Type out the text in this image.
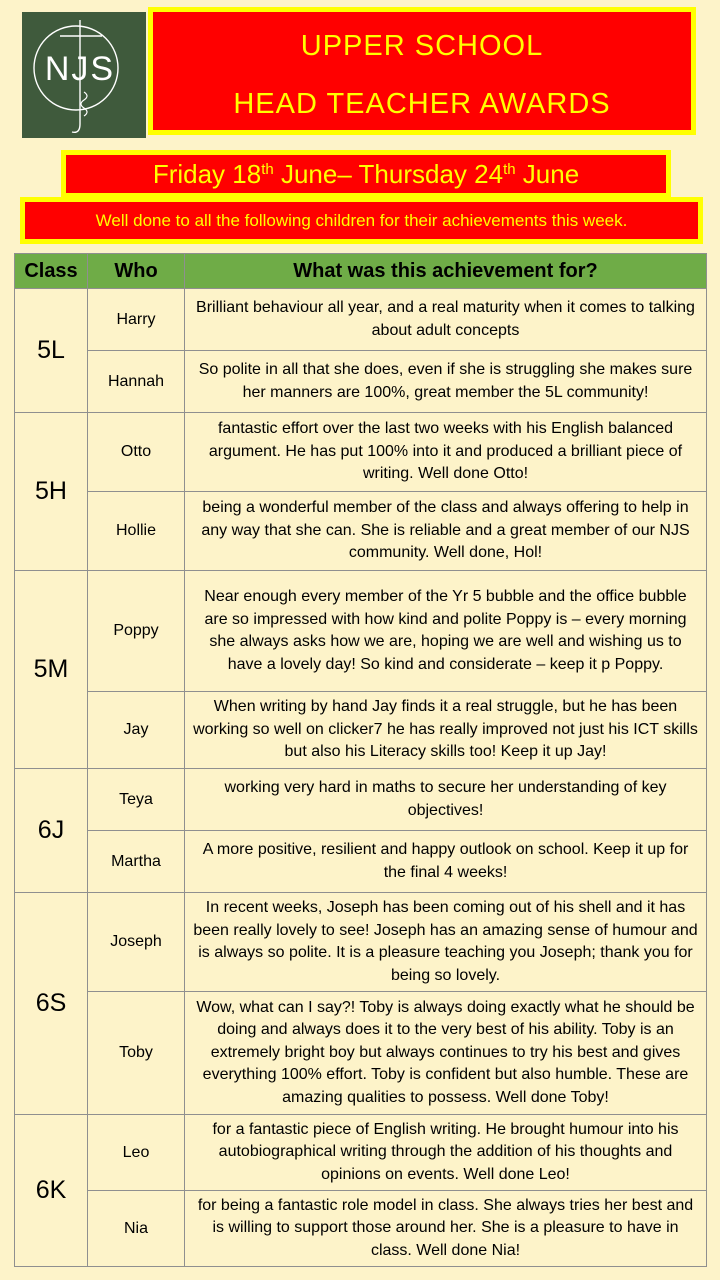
NJS
UPPER SCHOOL
HEAD TEACHER AWARDS
Friday 18th June– Thursday 24th June
Well done to all the following children for their achievements this week.
Class	Who	What was this achievement for?
5L	Harry	Brilliant behaviour all year, and a real maturity when it comes to talking about adult concepts
	Hannah	So polite in all that she does, even if she is struggling she makes sure her manners are 100%, great member the 5L community!
5H	Otto	fantastic effort over the last two weeks with his English balanced argument. He has put 100% into it and produced a brilliant piece of writing. Well done Otto!
	Hollie	being a wonderful member of the class and always offering to help in any way that she can. She is reliable and a great member of our NJS community. Well done, Hol!
5M	Poppy	Near enough every member of the Yr 5 bubble and the office bubble are so impressed with how kind and polite Poppy is – every morning she always asks how we are, hoping we are well and wishing us to have a lovely day! So kind and considerate – keep it p Poppy.
	Jay	When writing by hand Jay finds it a real struggle, but he has been working so well on clicker7 he has really improved not just his ICT skills but also his Literacy skills too! Keep it up Jay!
6J	Teya	working very hard in maths to secure her understanding of key objectives!
	Martha	A more positive, resilient and happy outlook on school. Keep it up for the final 4 weeks!
6S	Joseph	In recent weeks, Joseph has been coming out of his shell and it has been really lovely to see! Joseph has an amazing sense of humour and is always so polite. It is a pleasure teaching you Joseph; thank you for being so lovely.
	Toby	Wow, what can I say?! Toby is always doing exactly what he should be doing and always does it to the very best of his ability. Toby is an extremely bright boy but always continues to try his best and gives everything 100% effort. Toby is confident but also humble. These are amazing qualities to possess. Well done Toby!
6K	Leo	for a fantastic piece of English writing. He brought humour into his autobiographical writing through the addition of his thoughts and opinions on events. Well done Leo!
	Nia	for being a fantastic role model in class. She always tries her best and is willing to support those around her. She is a pleasure to have in class. Well done Nia!
